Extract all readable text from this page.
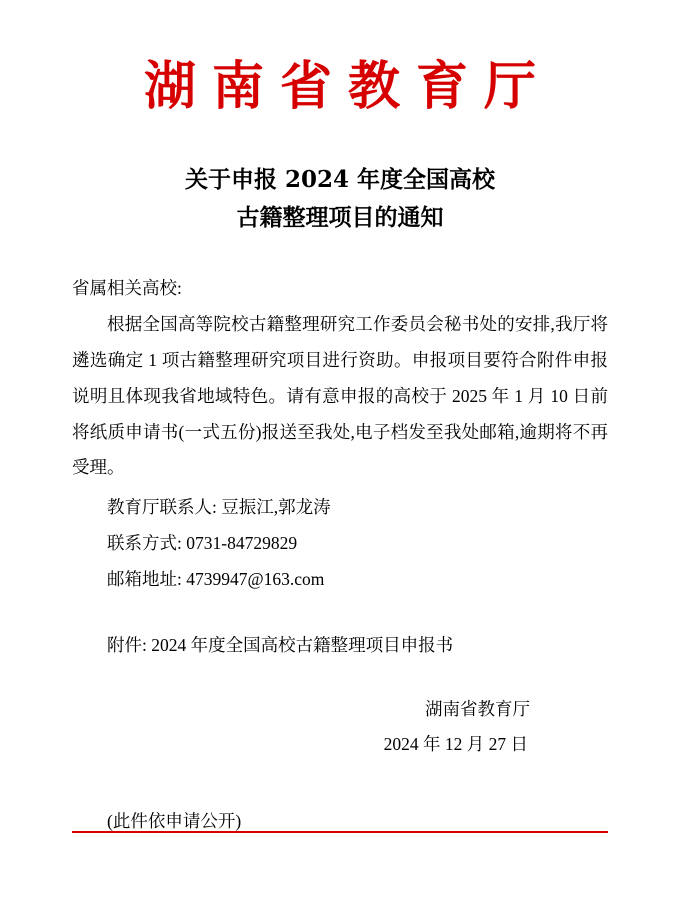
湖南省教育厅
关于申报 2024 年度全国高校
古籍整理项目的通知

省属相关高校:

根据全国高等院校古籍整理研究工作委员会秘书处的安排,我厅将遴选确定 1 项古籍整理研究项目进行资助。申报项目要符合附件申报说明且体现我省地域特色。请有意申报的高校于 2025 年 1 月 10 日前将纸质申请书(一式五份)报送至我处,电子档发至我处邮箱,逾期将不再受理。

教育厅联系人: 豆振江,郭龙涛

联系方式: 0731-84729829

邮箱地址: 4739947@163.com

附件: 2024 年度全国高校古籍整理项目申报书

湖南省教育厅
2024 年 12 月 27 日

(此件依申请公开)
